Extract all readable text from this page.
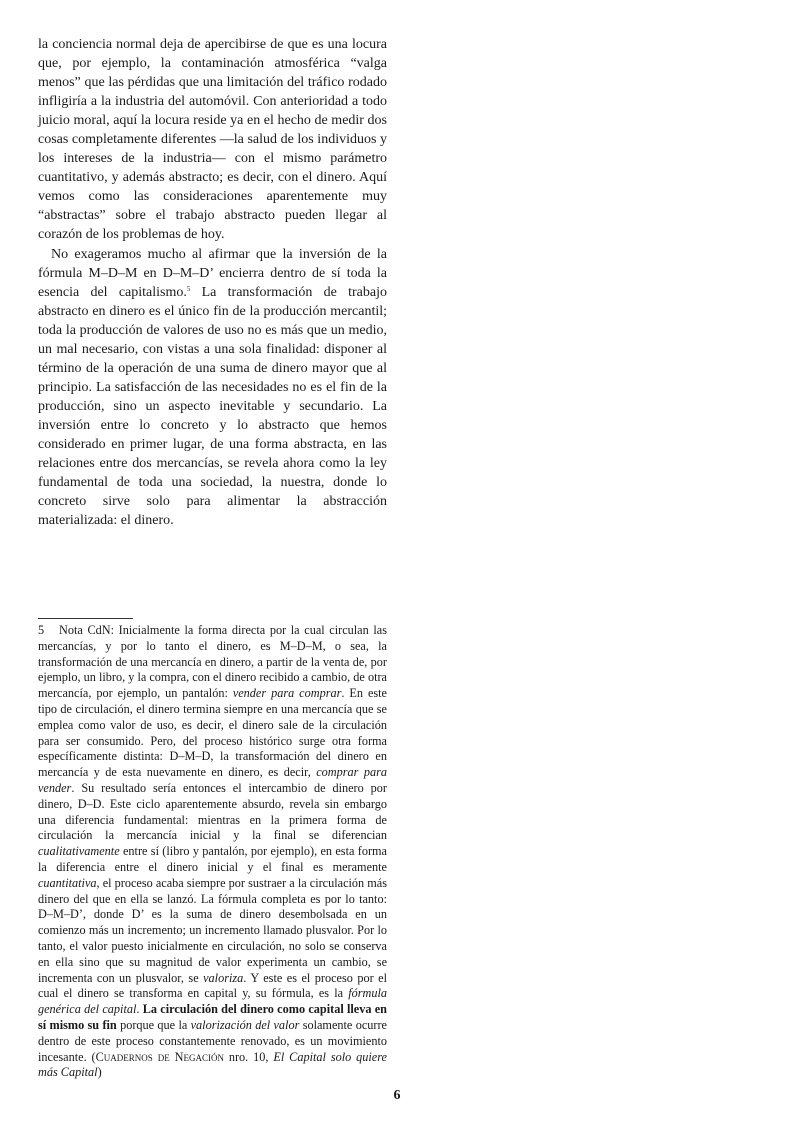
la conciencia normal deja de apercibirse de que es una locura que, por ejemplo, la contaminación atmosférica “valga menos” que las pérdidas que una limitación del tráfico rodado infligiría a la industria del automóvil. Con anterioridad a todo juicio moral, aquí la locura reside ya en el hecho de medir dos cosas completamente diferentes —la salud de los individuos y los intereses de la industria— con el mismo parámetro cuantitativo, y además abstracto; es decir, con el dinero. Aquí vemos como las consideraciones aparentemente muy “abstractas” sobre el trabajo abstracto pueden llegar al corazón de los problemas de hoy.

No exageramos mucho al afirmar que la inversión de la fórmula M–D–M en D–M–D’ encierra dentro de sí toda la esencia del capitalismo.$^5$ La transformación de trabajo abstracto en dinero es el único fin de la producción mercantil; toda la producción de valores de uso no es más que un medio, un mal necesario, con vistas a una sola finalidad: disponer al término de la operación de una suma de dinero mayor que al principio. La satisfacción de las necesidades no es el fin de la producción, sino un aspecto inevitable y secundario. La inversión entre lo concreto y lo abstracto que hemos considerado en primer lugar, de una forma abstracta, en las relaciones entre dos mercancías, se revela ahora como la ley fundamental de toda una sociedad, la nuestra, donde lo concreto sirve solo para alimentar la abstracción materializada: el dinero.

5 Nota CdN: Inicialmente la forma directa por la cual circulan las mercancías, y por lo tanto el dinero, es M–D–M, o sea, la transformación de una mercancía en dinero, a partir de la venta de, por ejemplo, un libro, y la compra, con el dinero recibido a cambio, de otra mercancía, por ejemplo, un pantalón: vender para comprar. En este tipo de circulación, el dinero termina siempre en una mercancía que se emplea como valor de uso, es decir, el dinero sale de la circulación para ser consumido. Pero, del proceso histórico surge otra forma específicamente distinta: D–M–D, la transformación del dinero en mercancía y de esta nuevamente en dinero, es decir, comprar para vender. Su resultado sería entonces el intercambio de dinero por dinero, D–D. Este ciclo aparentemente absurdo, revela sin embargo una diferencia fundamental: mientras en la primera forma de circulación la mercancía inicial y la final se diferencian cualitativamente entre sí (libro y pantalón, por ejemplo), en esta forma la diferencia entre el dinero inicial y el final es meramente cuantitativa, el proceso acaba siempre por sustraer a la circulación más dinero del que en ella se lanzó. La fórmula completa es por lo tanto: D–M–D’, donde D’ es la suma de dinero desembolsada en un comienzo más un incremento; un incremento llamado plusvalor. Por lo tanto, el valor puesto inicialmente en circulación, no solo se conserva en ella sino que su magnitud de valor experimenta un cambio, se incrementa con un plusvalor, se valoriza. Y este es el proceso por el cual el dinero se transforma en capital y, su fórmula, es la fórmula genérica del capital. La circulación del dinero como capital lleva en sí mismo su fin porque que la valorización del valor solamente ocurre dentro de este proceso constantemente renovado, es un movimiento incesante. (Cuadernos de Negación nro. 10, El Capital solo quiere más Capital)

6
